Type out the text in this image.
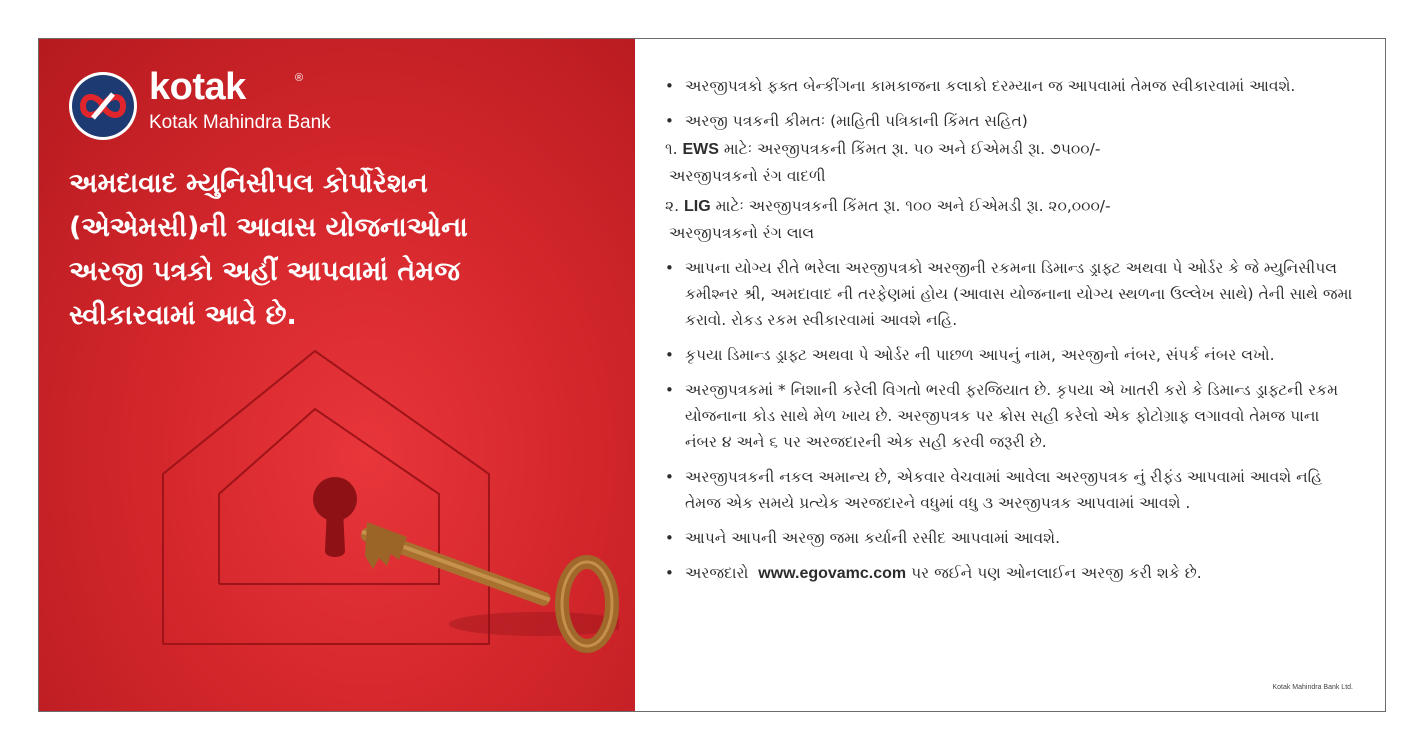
kotak	®
Kotak Mahindra Bank
અમદાવાદ મ્યુનિસીપલ કોર્પોરેશન
(એએમસી)ની આવાસ યોજનાઓના
અરજી પત્રકો અહીં આપવામાં તેમજ
સ્વીકારવામાં આવે છે.
• અરજીપત્રકો ફક્ત બેન્કીંગના કામકાજના કલાકો દરમ્યાન જ આપવામાં તેમજ સ્વીકારવામાં આવશે.
• અરજી પત્રકની કીમતઃ (માહિતી પત્રિકાની કિંમત સહિત)
૧. EWS માટેઃ અરજીપત્રકની કિંમત રૂા. ૫૦ અને ઈએમડી રૂા. ૭૫૦૦/-
અરજીપત્રકનો રંગ વાદળી
૨. LIG માટેઃ અરજીપત્રકની કિંમત રૂા. ૧૦૦ અને ઈએમડી રૂા. ૨૦,૦૦૦/-
અરજીપત્રકનો રંગ લાલ
• આપના યોગ્ય રીતે ભરેલા અરજીપત્રકો અરજીની રકમના ડિમાન્ડ ડ્રાફ્ટ અથવા પે ઓર્ડર કે જે મ્યુનિસીપલ કમીશ્નર શ્રી, અમદાવાદ ની તરફેણમાં હોય (આવાસ યોજનાના યોગ્ય સ્થળના ઉલ્લેખ સાથે) તેની સાથે જમા કરાવો. રોકડ રકમ સ્વીકારવામાં આવશે નહિ.
• કૃપયા ડિમાન્ડ ડ્રાફ્ટ અથવા પે ઓર્ડર ની પાછળ આપનું નામ, અરજીનો નંબર, સંપર્ક નંબર લખો.
• અરજીપત્રકમાં * નિશાની કરેલી વિગતો ભરવી ફરજિયાત છે. કૃપયા એ ખાતરી કરો કે ડિમાન્ડ ડ્રાફ્ટની રકમ યોજનાના કોડ સાથે મેળ ખાય છે. અરજીપત્રક પર ક્રોસ સહી કરેલો એક ફોટોગ્રાફ લગાવવો તેમજ પાના નંબર ૪ અને ૬ પર અરજદારની એક સહી કરવી જરૂરી છે.
• અરજીપત્રકની નકલ અમાન્ય છે, એકવાર વેચવામાં આવેલા અરજીપત્રક નું રીફંડ આપવામાં આવશે નહિ તેમજ એક સમયે પ્રત્યેક અરજદારને વધુમાં વધુ ૩ અરજીપત્રક આપવામાં આવશે .
• આપને આપની અરજી જમા કર્યાની રસીદ આપવામાં આવશે.
• અરજદારો www.egovamc.com પર જઈને પણ ઓનલાઈન અરજી કરી શકે છે.
Kotak Mahindra Bank Ltd.
